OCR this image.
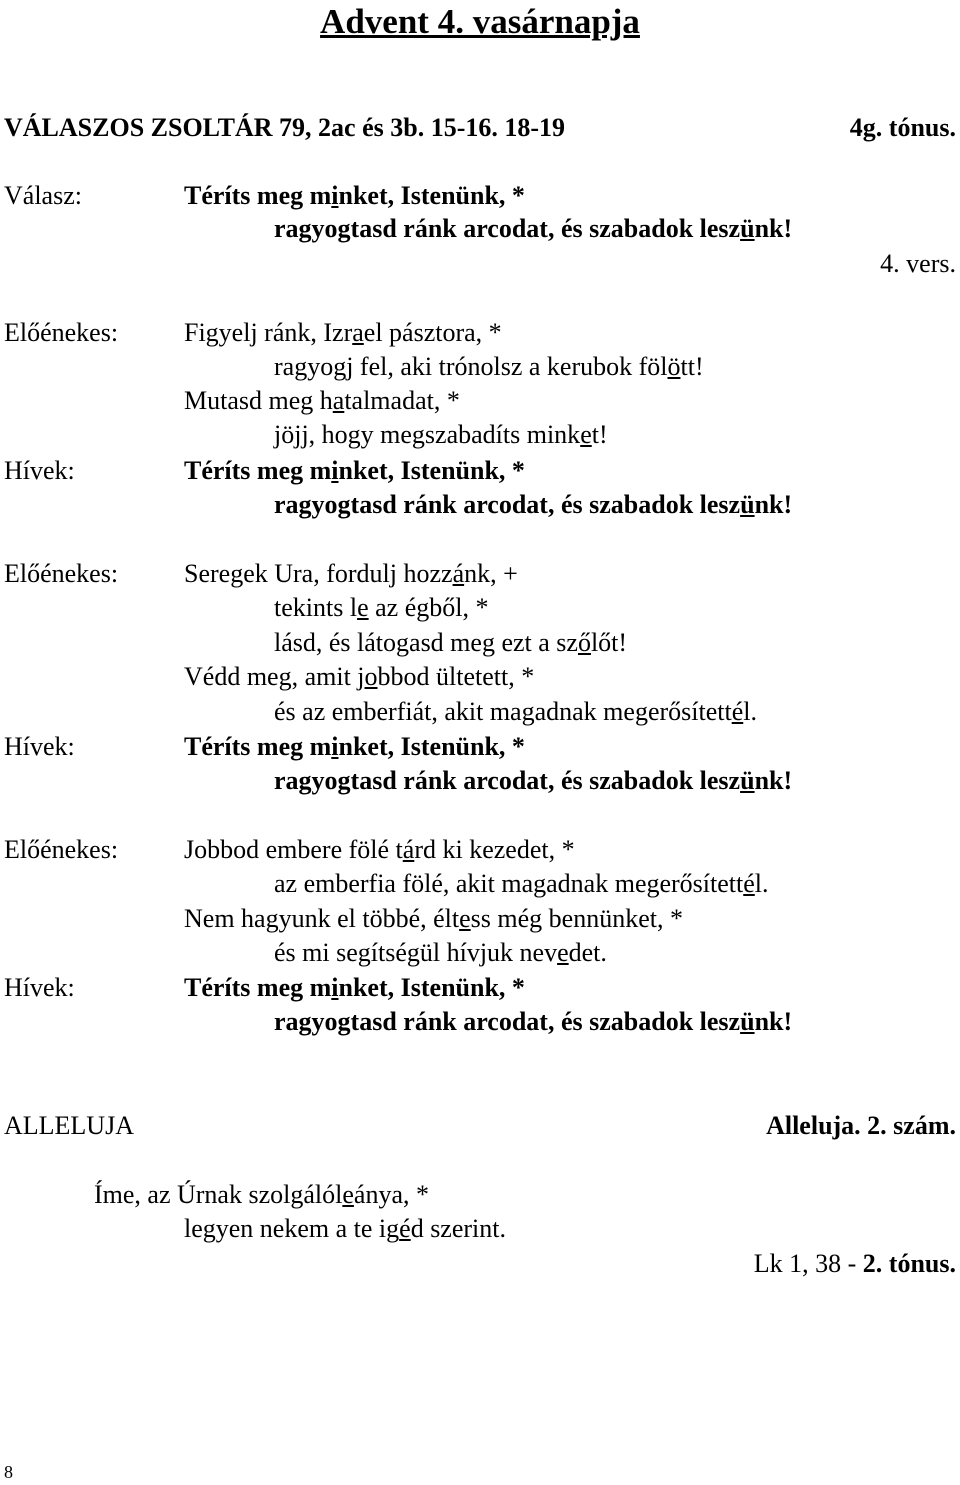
Advent 4. vasárnapja
VÁLASZOS ZSOLTÁR 79, 2ac és 3b. 15-16. 18-19	4g. tónus.
Válasz:	Téríts meg minket, Istenünk, *
ragyogtasd ránk arcodat, és szabadok leszünk!
4. vers.
Előénekes:	Figyelj ránk, Izrael pásztora, *
ragyogj fel, aki trónolsz a kerubok fölött!
Mutasd meg hatalmadat, *
jöjj, hogy megszabadíts minket!
Hívek:	Téríts meg minket, Istenünk, *
ragyogtasd ránk arcodat, és szabadok leszünk!
Előénekes:	Seregek Ura, fordulj hozzánk, +
tekints le az égből, *
lásd, és látogasd meg ezt a szőlőt!
Védd meg, amit jobbod ültetett, *
és az emberfiát, akit magadnak megerősítettél.
Hívek:	Téríts meg minket, Istenünk, *
ragyogtasd ránk arcodat, és szabadok leszünk!
Előénekes:	Jobbod embere fölé tárd ki kezedet, *
az emberfia fölé, akit magadnak megerősítettél.
Nem hagyunk el többé, éltess még bennünket, *
és mi segítségül hívjuk nevedet.
Hívek:	Téríts meg minket, Istenünk, *
ragyogtasd ránk arcodat, és szabadok leszünk!
ALLELUJA	Alleluja. 2. szám.
Íme, az Úrnak szolgálóleánya, *
legyen nekem a te igéd szerint.
Lk 1, 38 - 2. tónus.
8
